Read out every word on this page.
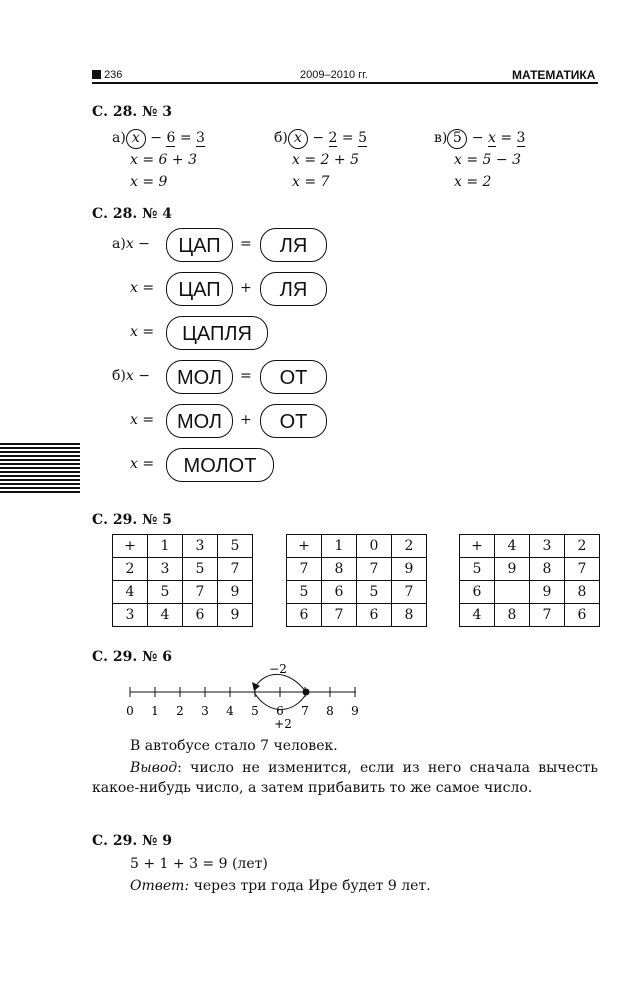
236	2009–2010 гг.	МАТЕМАТИКА
С. 28. № 3
а) x − 6 = 3
x = 6 + 3
x = 9
б) x − 2 = 5
x = 2 + 5
x = 7
в) 5 − x = 3
x = 5 − 3
x = 2
С. 28. № 4
а)x −	ЦАП	=	ЛЯ
x =	ЦАП	+	ЛЯ
x =	ЦАПЛЯ
б)x −	МОЛ	=	ОТ
x =	МОЛ	+	ОТ
x =	МОЛОТ
С. 29. № 5
+	1	3	5
2	3	5	7
4	5	7	9
3	4	6	9
+	1	0	2
7	8	7	9
5	6	5	7
6	7	6	8
+	4	3	2
5	9	8	7
6		9	8
4	8	7	6
С. 29. № 6
0 1 2 3 4 5 6 7 8 9
−2
+2
В автобусе стало 7 человек.
Вывод: число не изменится, если из него сначала вычесть какое-нибудь число, а затем прибавить то же самое число.
С. 29. № 9
5 + 1 + 3 = 9 (лет)
Ответ: через три года Ире будет 9 лет.
